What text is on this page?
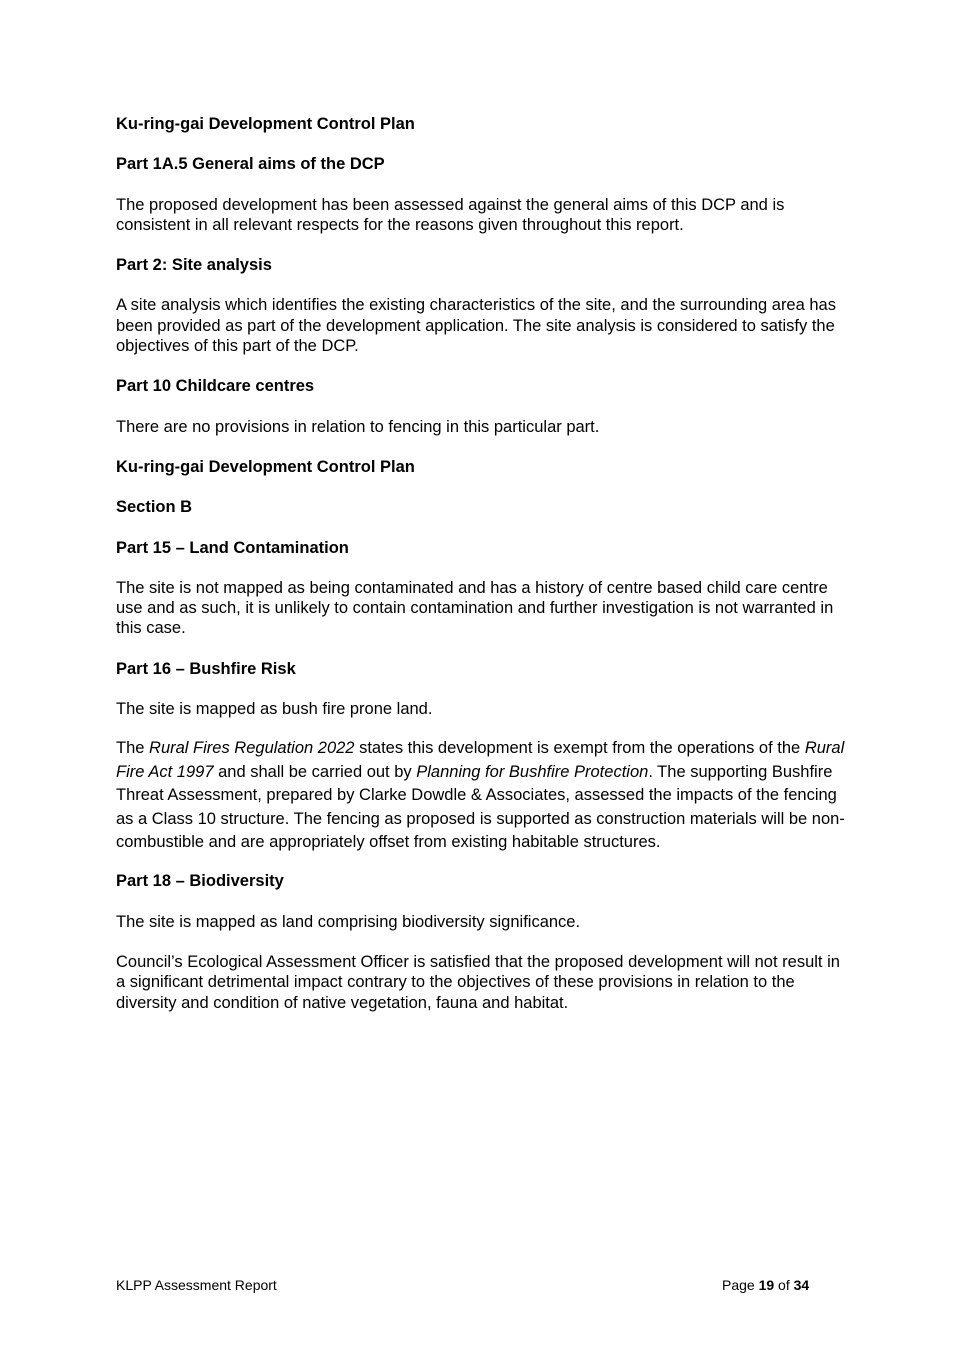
Ku-ring-gai Development Control Plan
Part 1A.5 General aims of the DCP

The proposed development has been assessed against the general aims of this DCP and is consistent in all relevant respects for the reasons given throughout this report.

Part 2: Site analysis

A site analysis which identifies the existing characteristics of the site, and the surrounding area has been provided as part of the development application. The site analysis is considered to satisfy the objectives of this part of the DCP.

Part 10 Childcare centres

There are no provisions in relation to fencing in this particular part.

Ku-ring-gai Development Control Plan
Section B
Part 15 – Land Contamination

The site is not mapped as being contaminated and has a history of centre based child care centre use and as such, it is unlikely to contain contamination and further investigation is not warranted in this case.

Part 16 – Bushfire Risk

The site is mapped as bush fire prone land.

The Rural Fires Regulation 2022 states this development is exempt from the operations of the Rural Fire Act 1997 and shall be carried out by Planning for Bushfire Protection. The supporting Bushfire Threat Assessment, prepared by Clarke Dowdle & Associates, assessed the impacts of the fencing as a Class 10 structure. The fencing as proposed is supported as construction materials will be non-combustible and are appropriately offset from existing habitable structures.

Part 18 – Biodiversity

The site is mapped as land comprising biodiversity significance.

Council’s Ecological Assessment Officer is satisfied that the proposed development will not result in a significant detrimental impact contrary to the objectives of these provisions in relation to the diversity and condition of native vegetation, fauna and habitat.

KLPP Assessment Report	Page 19 of 34
